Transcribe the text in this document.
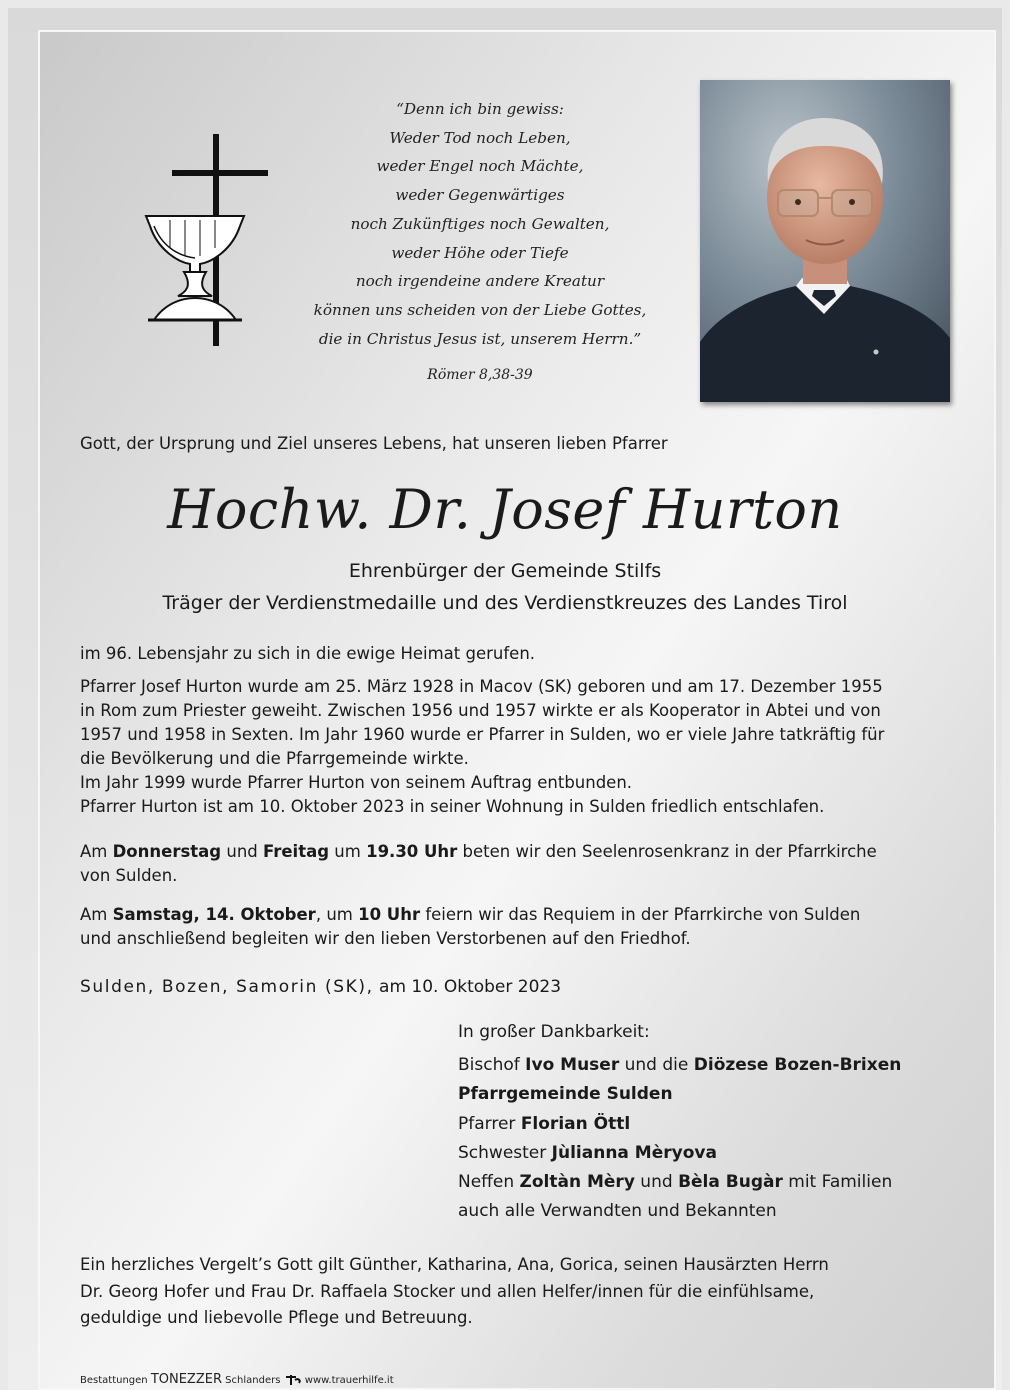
“Denn ich bin gewiss:
Weder Tod noch Leben,
weder Engel noch Mächte,
weder Gegenwärtiges
noch Zukünftiges noch Gewalten,
weder Höhe oder Tiefe
noch irgendeine andere Kreatur
können uns scheiden von der Liebe Gottes,
die in Christus Jesus ist, unserem Herrn.”
Römer 8,38-39
Gott, der Ursprung und Ziel unseres Lebens, hat unseren lieben Pfarrer
Hochw. Dr. Josef Hurton
Ehrenbürger der Gemeinde Stilfs
Träger der Verdienstmedaille und des Verdienstkreuzes des Landes Tirol
im 96. Lebensjahr zu sich in die ewige Heimat gerufen.
Pfarrer Josef Hurton wurde am 25. März 1928 in Macov (SK) geboren und am 17. Dezember 1955
in Rom zum Priester geweiht. Zwischen 1956 und 1957 wirkte er als Kooperator in Abtei und von
1957 und 1958 in Sexten. Im Jahr 1960 wurde er Pfarrer in Sulden, wo er viele Jahre tatkräftig für
die Bevölkerung und die Pfarrgemeinde wirkte.
Im Jahr 1999 wurde Pfarrer Hurton von seinem Auftrag entbunden.
Pfarrer Hurton ist am 10. Oktober 2023 in seiner Wohnung in Sulden friedlich entschlafen.
Am Donnerstag und Freitag um 19.30 Uhr beten wir den Seelenrosenkranz in der Pfarrkirche
von Sulden.
Am Samstag, 14. Oktober, um 10 Uhr feiern wir das Requiem in der Pfarrkirche von Sulden
und anschließend begleiten wir den lieben Verstorbenen auf den Friedhof.
Sulden, Bozen, Samorin (SK), am 10. Oktober 2023
In großer Dankbarkeit:
Bischof Ivo Muser und die Diözese Bozen-Brixen
Pfarrgemeinde Sulden
Pfarrer Florian Öttl
Schwester Jùlianna Mèryova
Neffen Zoltàn Mèry und Bèla Bugàr mit Familien
auch alle Verwandten und Bekannten
Ein herzliches Vergelt’s Gott gilt Günther, Katharina, Ana, Gorica, seinen Hausärzten Herrn
Dr. Georg Hofer und Frau Dr. Raffaela Stocker und allen Helfer/innen für die einfühlsame,
geduldige und liebevolle Pflege und Betreuung.
Bestattungen TONEZZER Schlanders  www.trauerhilfe.it
